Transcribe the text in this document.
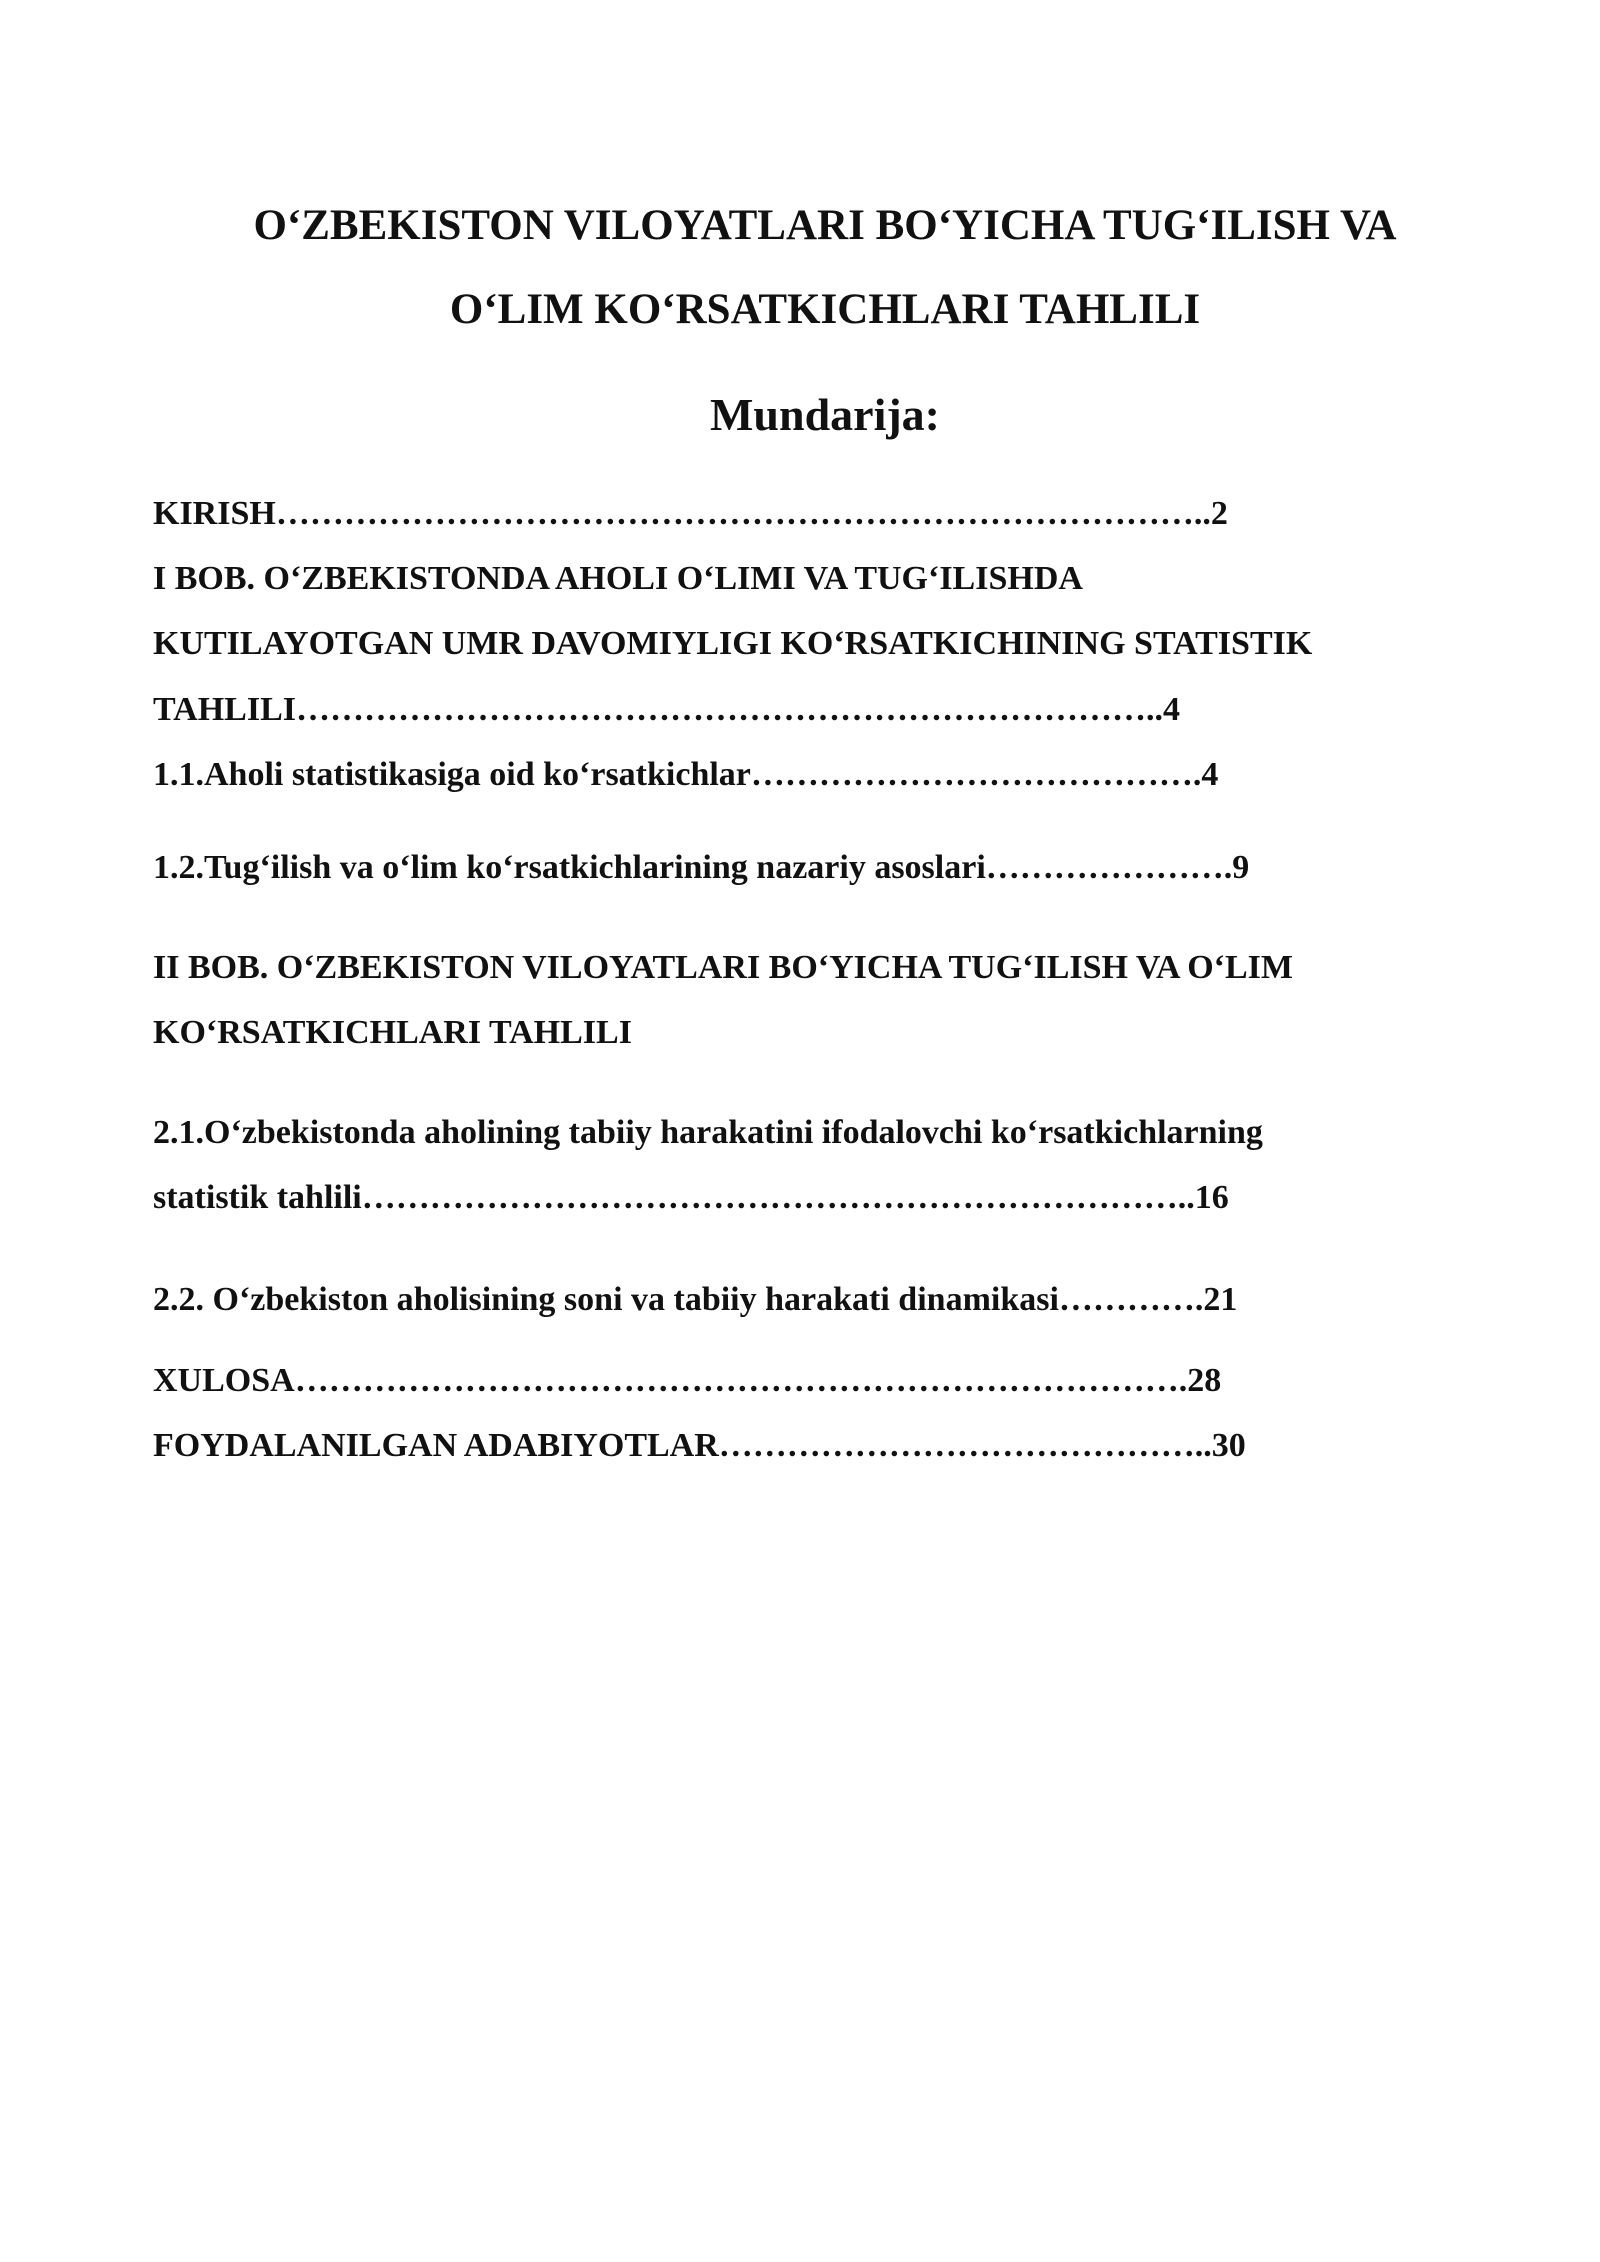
O‘ZBEKISTON VILOYATLARI BO‘YICHA TUG‘ILISH VA
O‘LIM KO‘RSATKICHLARI TAHLILI
Mundarija:

KIRISH………………………………………………………………………..2

I BOB. O‘ZBEKISTONDA AHOLI O‘LIMI VA TUG‘ILISHDA

KUTILAYOTGAN UMR DAVOMIYLIGI KO‘RSATKICHINING STATISTIK

TAHLILI…………………………………………………………………..4

1.1.Aholi statistikasiga oid ko‘rsatkichlar………………………………….4

1.2.Tug‘ilish va o‘lim ko‘rsatkichlarining nazariy asoslari………………….9

II BOB. O‘ZBEKISTON VILOYATLARI BO‘YICHA TUG‘ILISH VA O‘LIM

KO‘RSATKICHLARI TAHLILI

2.1.O‘zbekistonda aholining tabiiy harakatini ifodalovchi ko‘rsatkichlarning

statistik tahlili………………………………………………………………..16

2.2. O‘zbekiston aholisining soni va tabiiy harakati dinamikasi………….21

XULOSA…………………………………………………………………….28

FOYDALANILGAN ADABIYOTLAR……………………………………..30
